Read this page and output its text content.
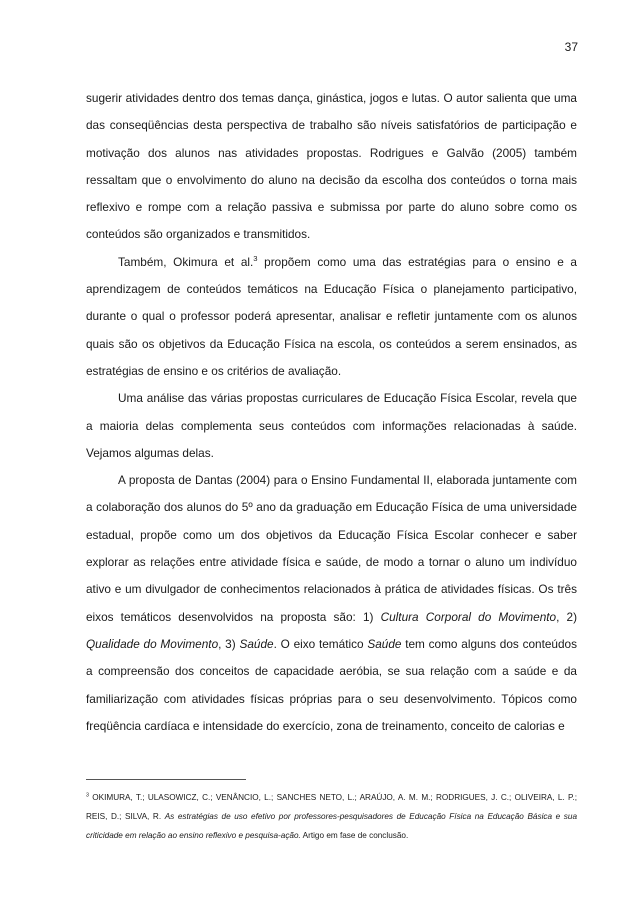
37

sugerir atividades dentro dos temas dança, ginástica, jogos e lutas. O autor salienta que uma das conseqüências desta perspectiva de trabalho são níveis satisfatórios de participação e motivação dos alunos nas atividades propostas. Rodrigues e Galvão (2005) também ressaltam que o envolvimento do aluno na decisão da escolha dos conteúdos o torna mais reflexivo e rompe com a relação passiva e submissa por parte do aluno sobre como os conteúdos são organizados e transmitidos.

Também, Okimura et al.$^3$ propõem como uma das estratégias para o ensino e a aprendizagem de conteúdos temáticos na Educação Física o planejamento participativo, durante o qual o professor poderá apresentar, analisar e refletir juntamente com os alunos quais são os objetivos da Educação Física na escola, os conteúdos a serem ensinados, as estratégias de ensino e os critérios de avaliação.

Uma análise das várias propostas curriculares de Educação Física Escolar, revela que a maioria delas complementa seus conteúdos com informações relacionadas à saúde. Vejamos algumas delas.

A proposta de Dantas (2004) para o Ensino Fundamental II, elaborada juntamente com a colaboração dos alunos do 5º ano da graduação em Educação Física de uma universidade estadual, propõe como um dos objetivos da Educação Física Escolar conhecer e saber explorar as relações entre atividade física e saúde, de modo a tornar o aluno um indivíduo ativo e um divulgador de conhecimentos relacionados à prática de atividades físicas. Os três eixos temáticos desenvolvidos na proposta são: 1) Cultura Corporal do Movimento, 2) Qualidade do Movimento, 3) Saúde. O eixo temático Saúde tem como alguns dos conteúdos a compreensão dos conceitos de capacidade aeróbia, se sua relação com a saúde e da familiarização com atividades físicas próprias para o seu desenvolvimento. Tópicos como freqüência cardíaca e intensidade do exercício, zona de treinamento, conceito de calorias e

$^3$ OKIMURA, T.; ULASOWICZ, C.; VENÂNCIO, L.; SANCHES NETO, L.; ARAÚJO, A. M. M.; RODRIGUES, J. C.; OLIVEIRA, L. P.; REIS, D.; SILVA, R. As estratégias de uso efetivo por professores-pesquisadores de Educação Física na Educação Básica e sua criticidade em relação ao ensino reflexivo e pesquisa-ação. Artigo em fase de conclusão.
